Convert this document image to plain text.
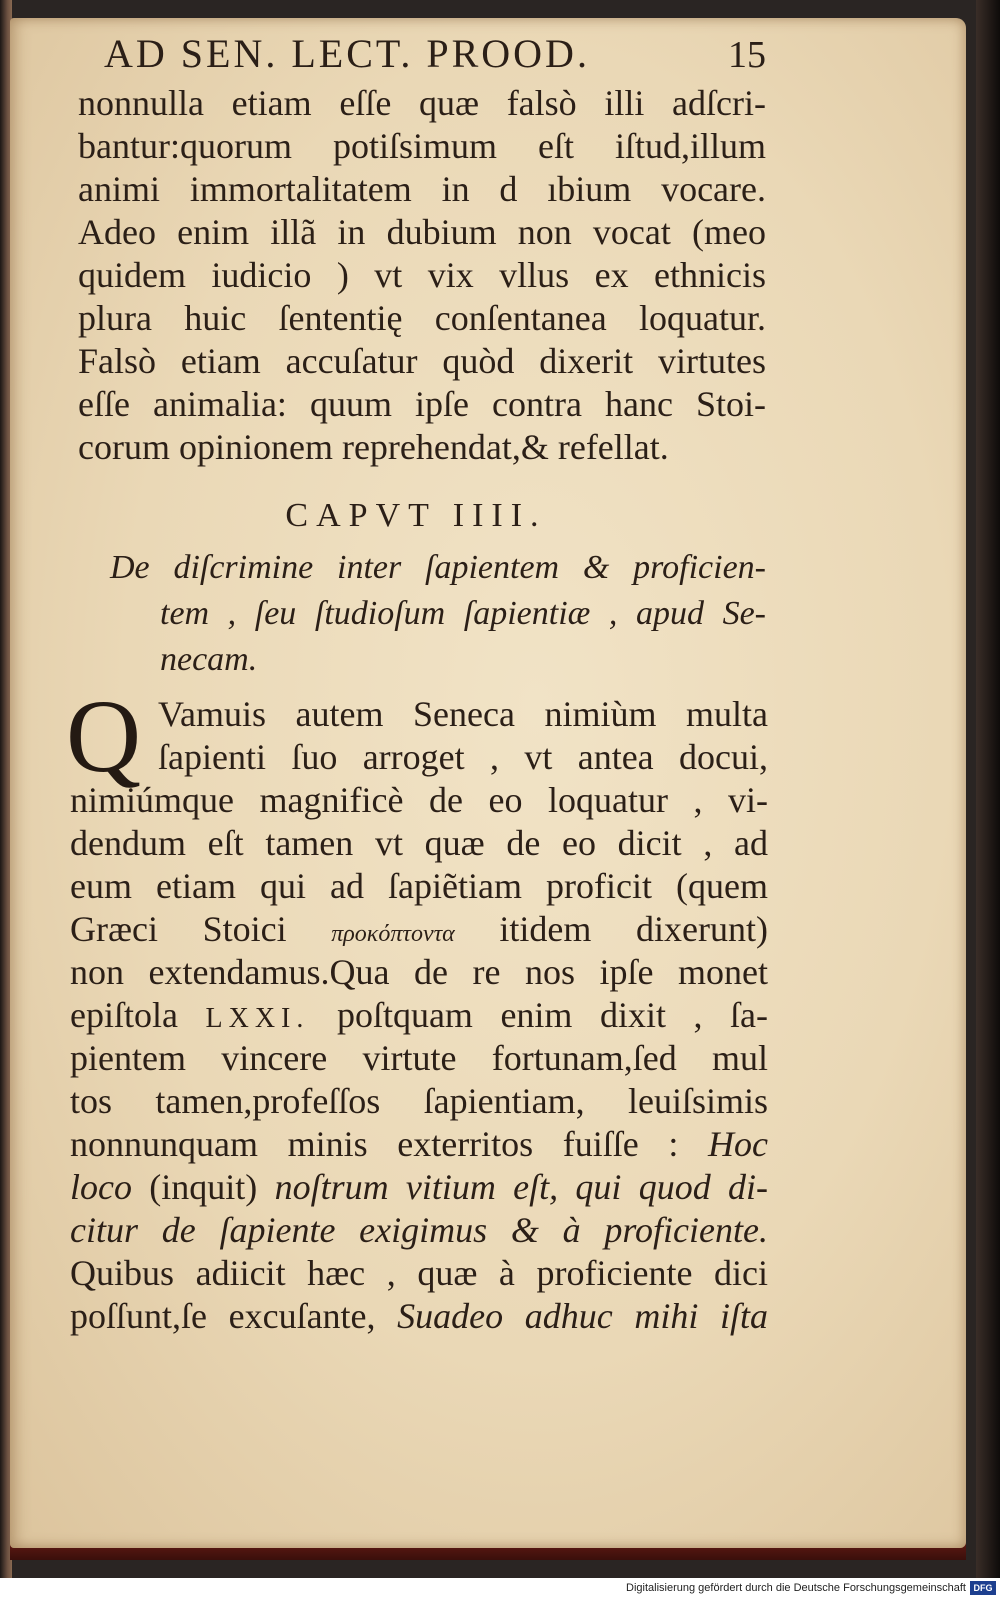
AD SEN. LECT. PROOD.	15
nonnulla etiam eſſe quæ falsò illi adſcri-
bantur:quorum potiſsimum eſt iſtud,illum
animi immortalitatem in d ıbium vocare.
Adeo enim illã in dubium non vocat (meo
quidem iudicio ) vt vix vllus ex ethnicis
plura huic ſententię conſentanea loquatur.
Falsò etiam accuſatur quòd dixerit virtutes
eſſe animalia: quum ipſe contra hanc Stoi-
corum opinionem reprehendat,& refellat.
CAPVT IIII.
De diſcrimine inter ſapientem & proficien-
tem , ſeu ſtudioſum ſapientiæ , apud Se-
necam.
Q Vamuis autem Seneca nimiùm multa
ſapienti ſuo arroget , vt antea docui,
nimiúmque magnificè de eo loquatur , vi-
dendum eſt tamen vt quæ de eo dicit , ad
eum etiam qui ad ſapiẽtiam proficit (quem
Græci Stoici προκόπτοντα itidem dixerunt)
non extendamus.Qua de re nos ipſe monet
epiſtola LXXI. poſtquam enim dixit , ſa-
pientem vincere virtute fortunam,ſed mul
tos tamen,profeſſos ſapientiam, leuiſsimis
nonnunquam minis exterritos fuiſſe : Hoc
loco (inquit) noſtrum vitium eſt, qui quod di-
citur de ſapiente exigimus & à proficiente.
Quibus adiicit hæc , quæ à proficiente dici
poſſunt,ſe excuſante, Suadeo adhuc mihi iſta
Digitalisierung gefördert durch die Deutsche Forschungsgemeinschaft DFG
